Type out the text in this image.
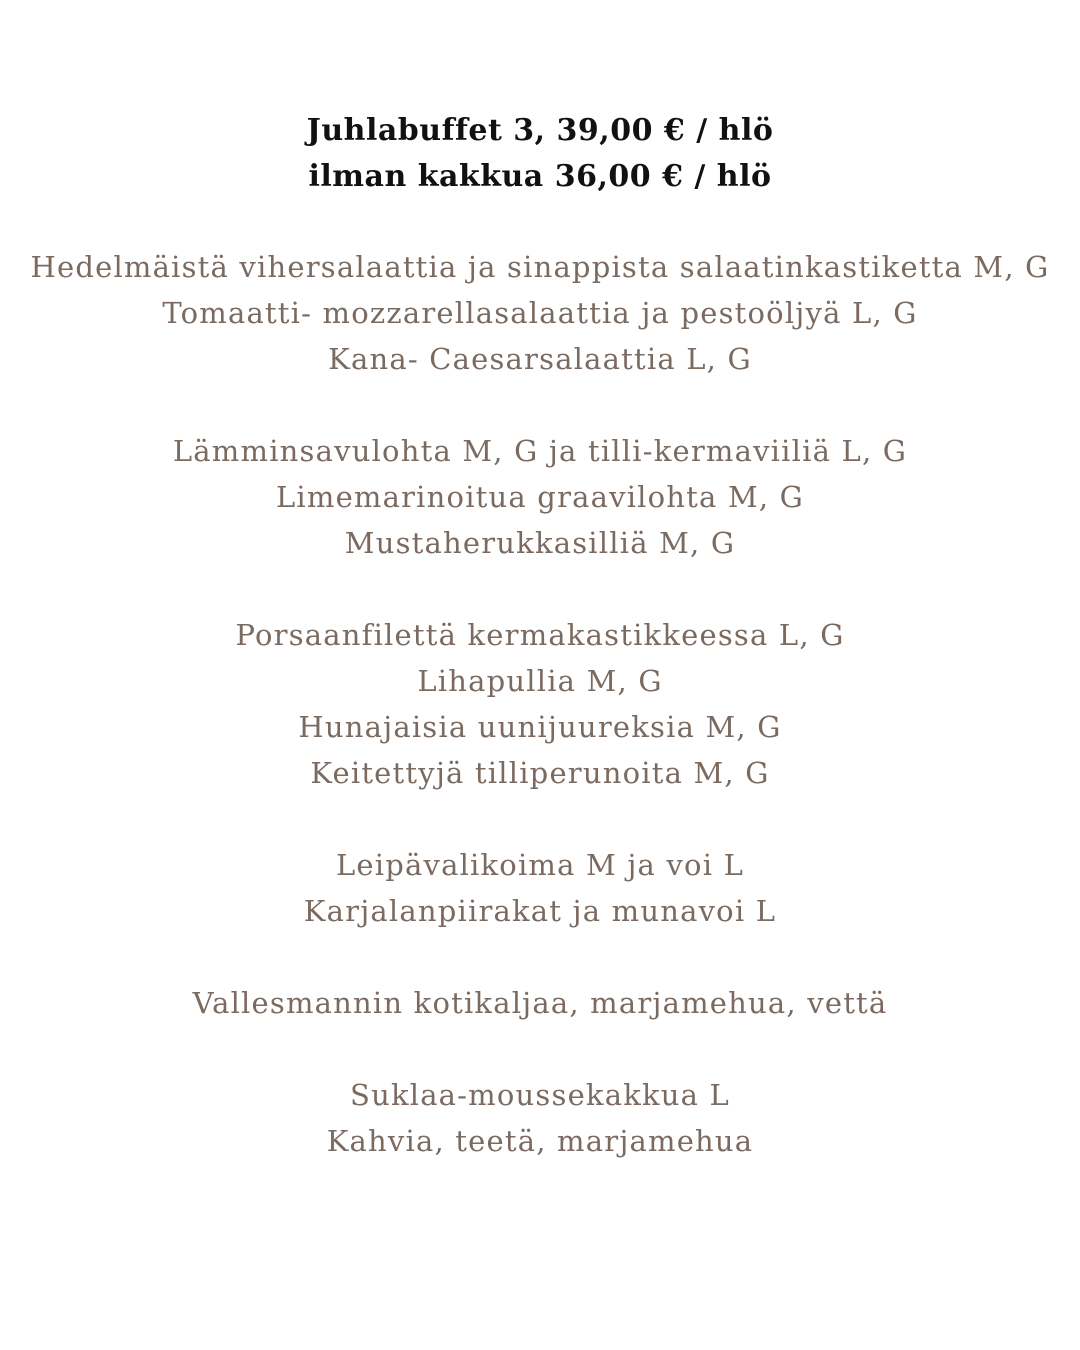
Juhlabuffet 3, 39,00 € / hlö
ilman kakkua 36,00 € / hlö
Hedelmäistä vihersalaattia ja sinappista salaatinkastiketta M, G
Tomaatti- mozzarellasalaattia ja pestoöljyä L, G
Kana- Caesarsalaattia L, G
Lämminsavulohta M, G ja tilli-kermaviiliä L, G
Limemarinoitua graavilohta M, G
Mustaherukkasilliä M, G
Porsaanfilettä kermakastikkeessa L, G
Lihapullia M, G
Hunajaisia uunijuureksia M, G
Keitettyjä tilliperunoita M, G
Leipävalikoima M ja voi L
Karjalanpiirakat ja munavoi L
Vallesmannin kotikaljaa, marjamehua, vettä
Suklaa-moussekakkua L
Kahvia, teetä, marjamehua
